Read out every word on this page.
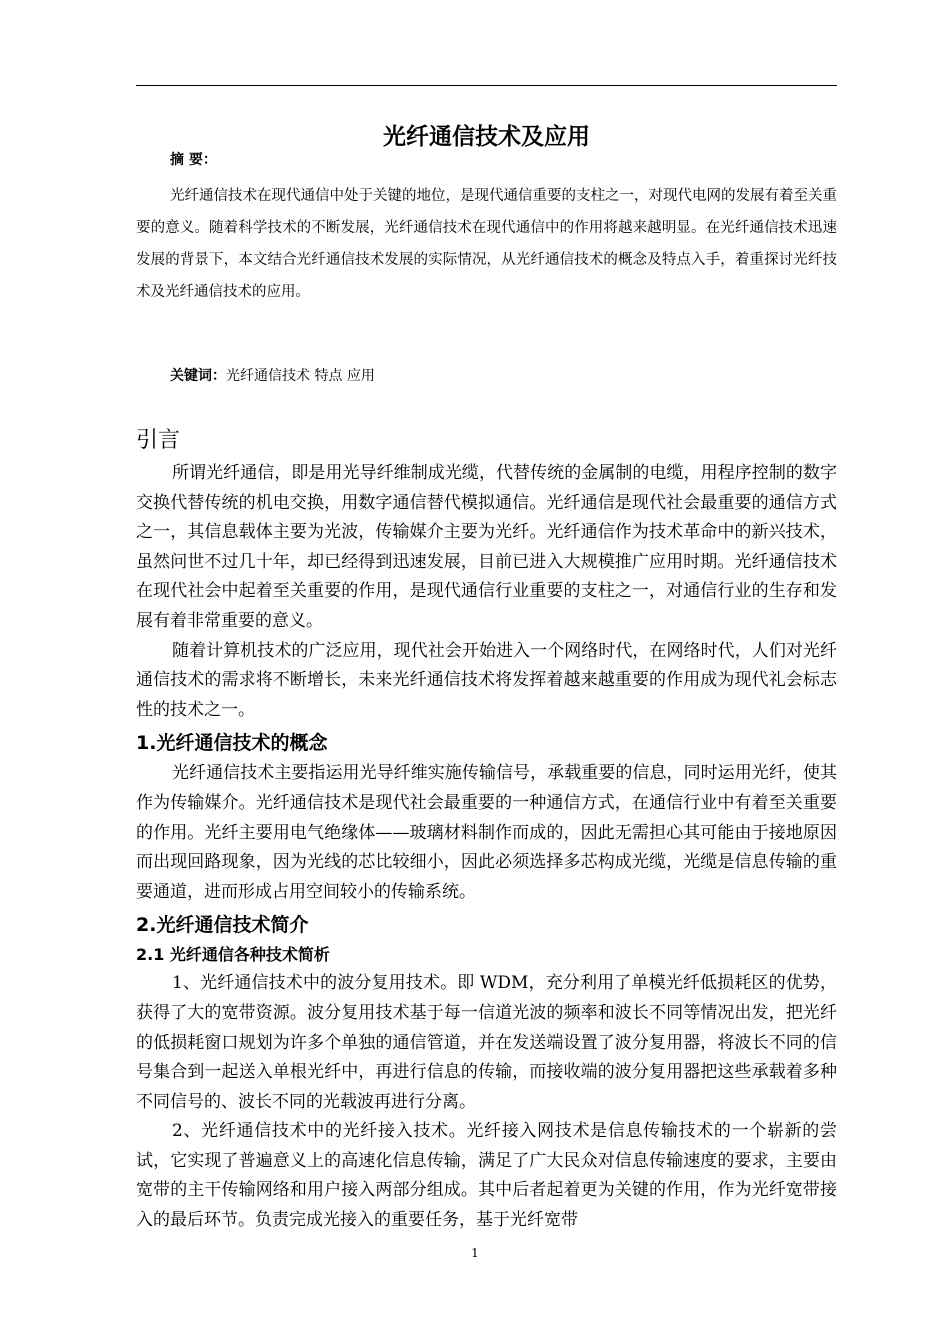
光纤通信技术及应用
摘 要：

光纤通信技术在现代通信中处于关键的地位，是现代通信重要的支柱之一，对现代电网的发展有着至关重要的意义。随着科学技术的不断发展，光纤通信技术在现代通信中的作用将越来越明显。在光纤通信技术迅速发展的背景下，本文结合光纤通信技术发展的实际情况，从光纤通信技术的概念及特点入手，着重探讨光纤技术及光纤通信技术的应用。

关键词：光纤通信技术 特点 应用
引言

所谓光纤通信，即是用光导纤维制成光缆，代替传统的金属制的电缆，用程序控制的数字交换代替传统的机电交换，用数字通信替代模拟通信。光纤通信是现代社会最重要的通信方式之一，其信息载体主要为光波，传输媒介主要为光纤。光纤通信作为技术革命中的新兴技术，虽然问世不过几十年，却已经得到迅速发展，目前已进入大规模推广应用时期。光纤通信技术在现代社会中起着至关重要的作用，是现代通信行业重要的支柱之一，对通信行业的生存和发展有着非常重要的意义。

随着计算机技术的广泛应用，现代社会开始进入一个网络时代，在网络时代，人们对光纤通信技术的需求将不断增长，未来光纤通信技术将发挥着越来越重要的作用成为现代礼会标志性的技术之一。

1.光纤通信技术的概念

光纤通信技术主要指运用光导纤维实施传输信号，承载重要的信息，同时运用光纤，使其作为传输媒介。光纤通信技术是现代社会最重要的一种通信方式，在通信行业中有着至关重要的作用。光纤主要用电气绝缘体——玻璃材料制作而成的，因此无需担心其可能由于接地原因而出现回路现象，因为光线的芯比较细小，因此必须选择多芯构成光缆，光缆是信息传输的重要通道，进而形成占用空间较小的传输系统。

2.光纤通信技术简介
2.1 光纤通信各种技术简析

1、光纤通信技术中的波分复用技术。即 WDM，充分利用了单模光纤低损耗区的优势，获得了大的宽带资源。波分复用技术基于每一信道光波的频率和波长不同等情况出发，把光纤的低损耗窗口规划为许多个单独的通信管道，并在发送端设置了波分复用器，将波长不同的信号集合到一起送入单根光纤中，再进行信息的传输，而接收端的波分复用器把这些承载着多种不同信号的、波长不同的光载波再进行分离。

2、光纤通信技术中的光纤接入技术。光纤接入网技术是信息传输技术的一个崭新的尝试，它实现了普遍意义上的高速化信息传输，满足了广大民众对信息传输速度的要求，主要由宽带的主干传输网络和用户接入两部分组成。其中后者起着更为关键的作用，作为光纤宽带接入的最后环节。负责完成光接入的重要任务，基于光纤宽带

1
